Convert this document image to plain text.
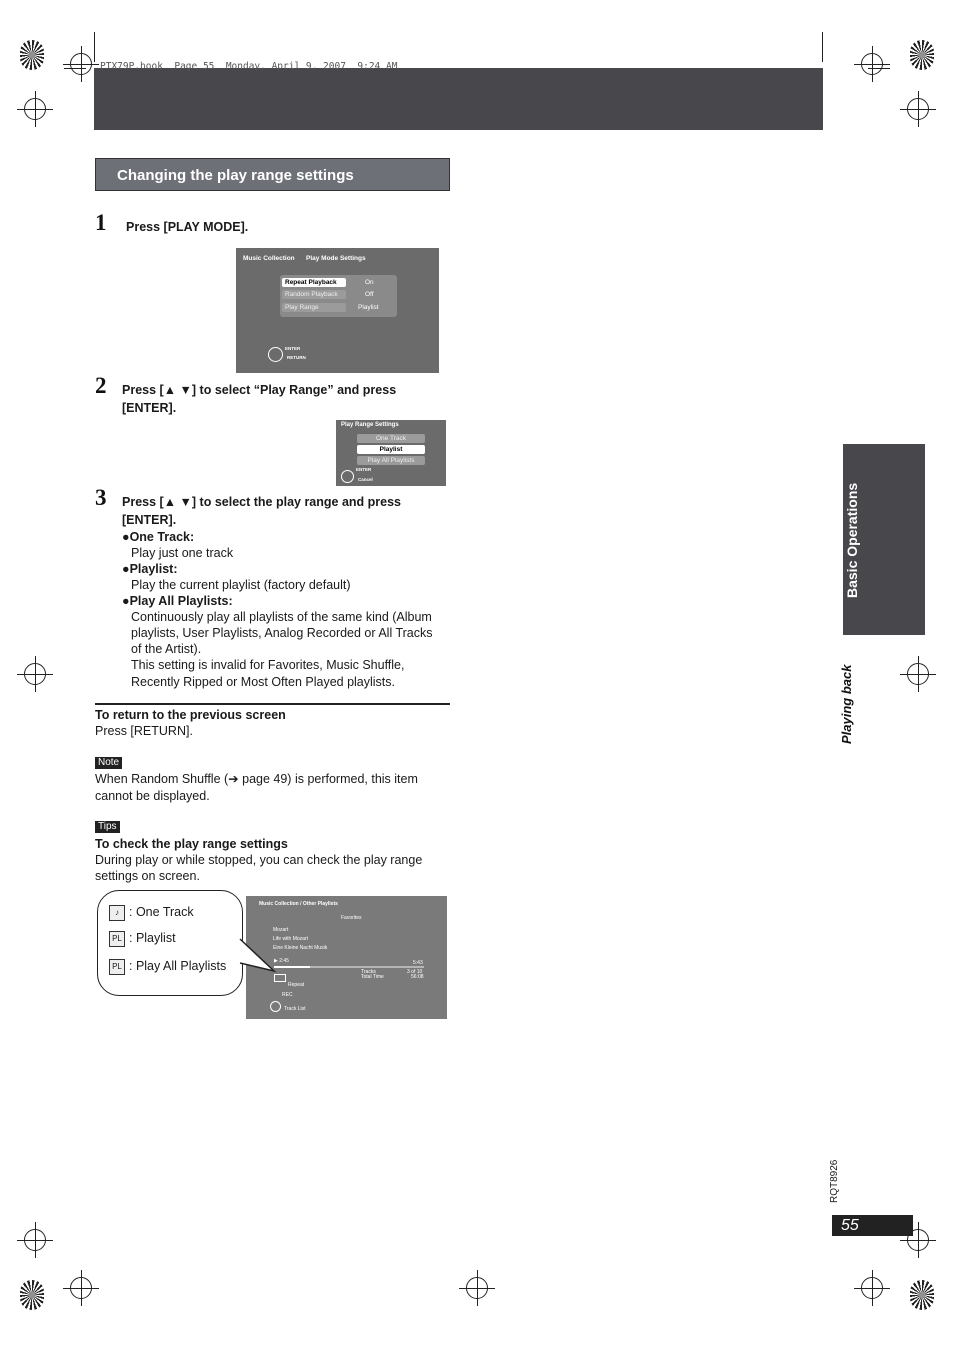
PTX79P.book  Page 55  Monday, April 9, 2007  9:24 AM
Changing the play range settings
1 Press [PLAY MODE].
Music Collection Play Mode Settings
Repeat Playback	On
Random Playback	Off
Play Range	Playlist
ENTER
RETURN
2 Press [▲ ▼] to select “Play Range” and press
[ENTER].
Play Range Settings
One Track
Playlist
Play All Playlists
ENTER
Cancel
3 Press [▲ ▼] to select the play range and press
[ENTER].
●One Track:
Play just one track
●Playlist:
Play the current playlist (factory default)
●Play All Playlists:
Continuously play all playlists of the same kind (Album
playlists, User Playlists, Analog Recorded or All Tracks
of the Artist).
This setting is invalid for Favorites, Music Shuffle,
Recently Ripped or Most Often Played playlists.
To return to the previous screen
Press [RETURN].
Note
When Random Shuffle (➔ page 49) is performed, this item
cannot be displayed.
Tips
To check the play range settings
During play or while stopped, you can check the play range
settings on screen.
♪ : One Track
PL : Playlist
PL : Play All Playlists
Music Collection / Other Playlists
Favorites
Mozart
Life with Mozart
Eine Kleine Nacht Musik
▶ 2:45	5:43
Tracks	3 of 10
Total Time	56:08
Repeat
REC
Track List
Basic Operations
Playing back
RQT8926
55
